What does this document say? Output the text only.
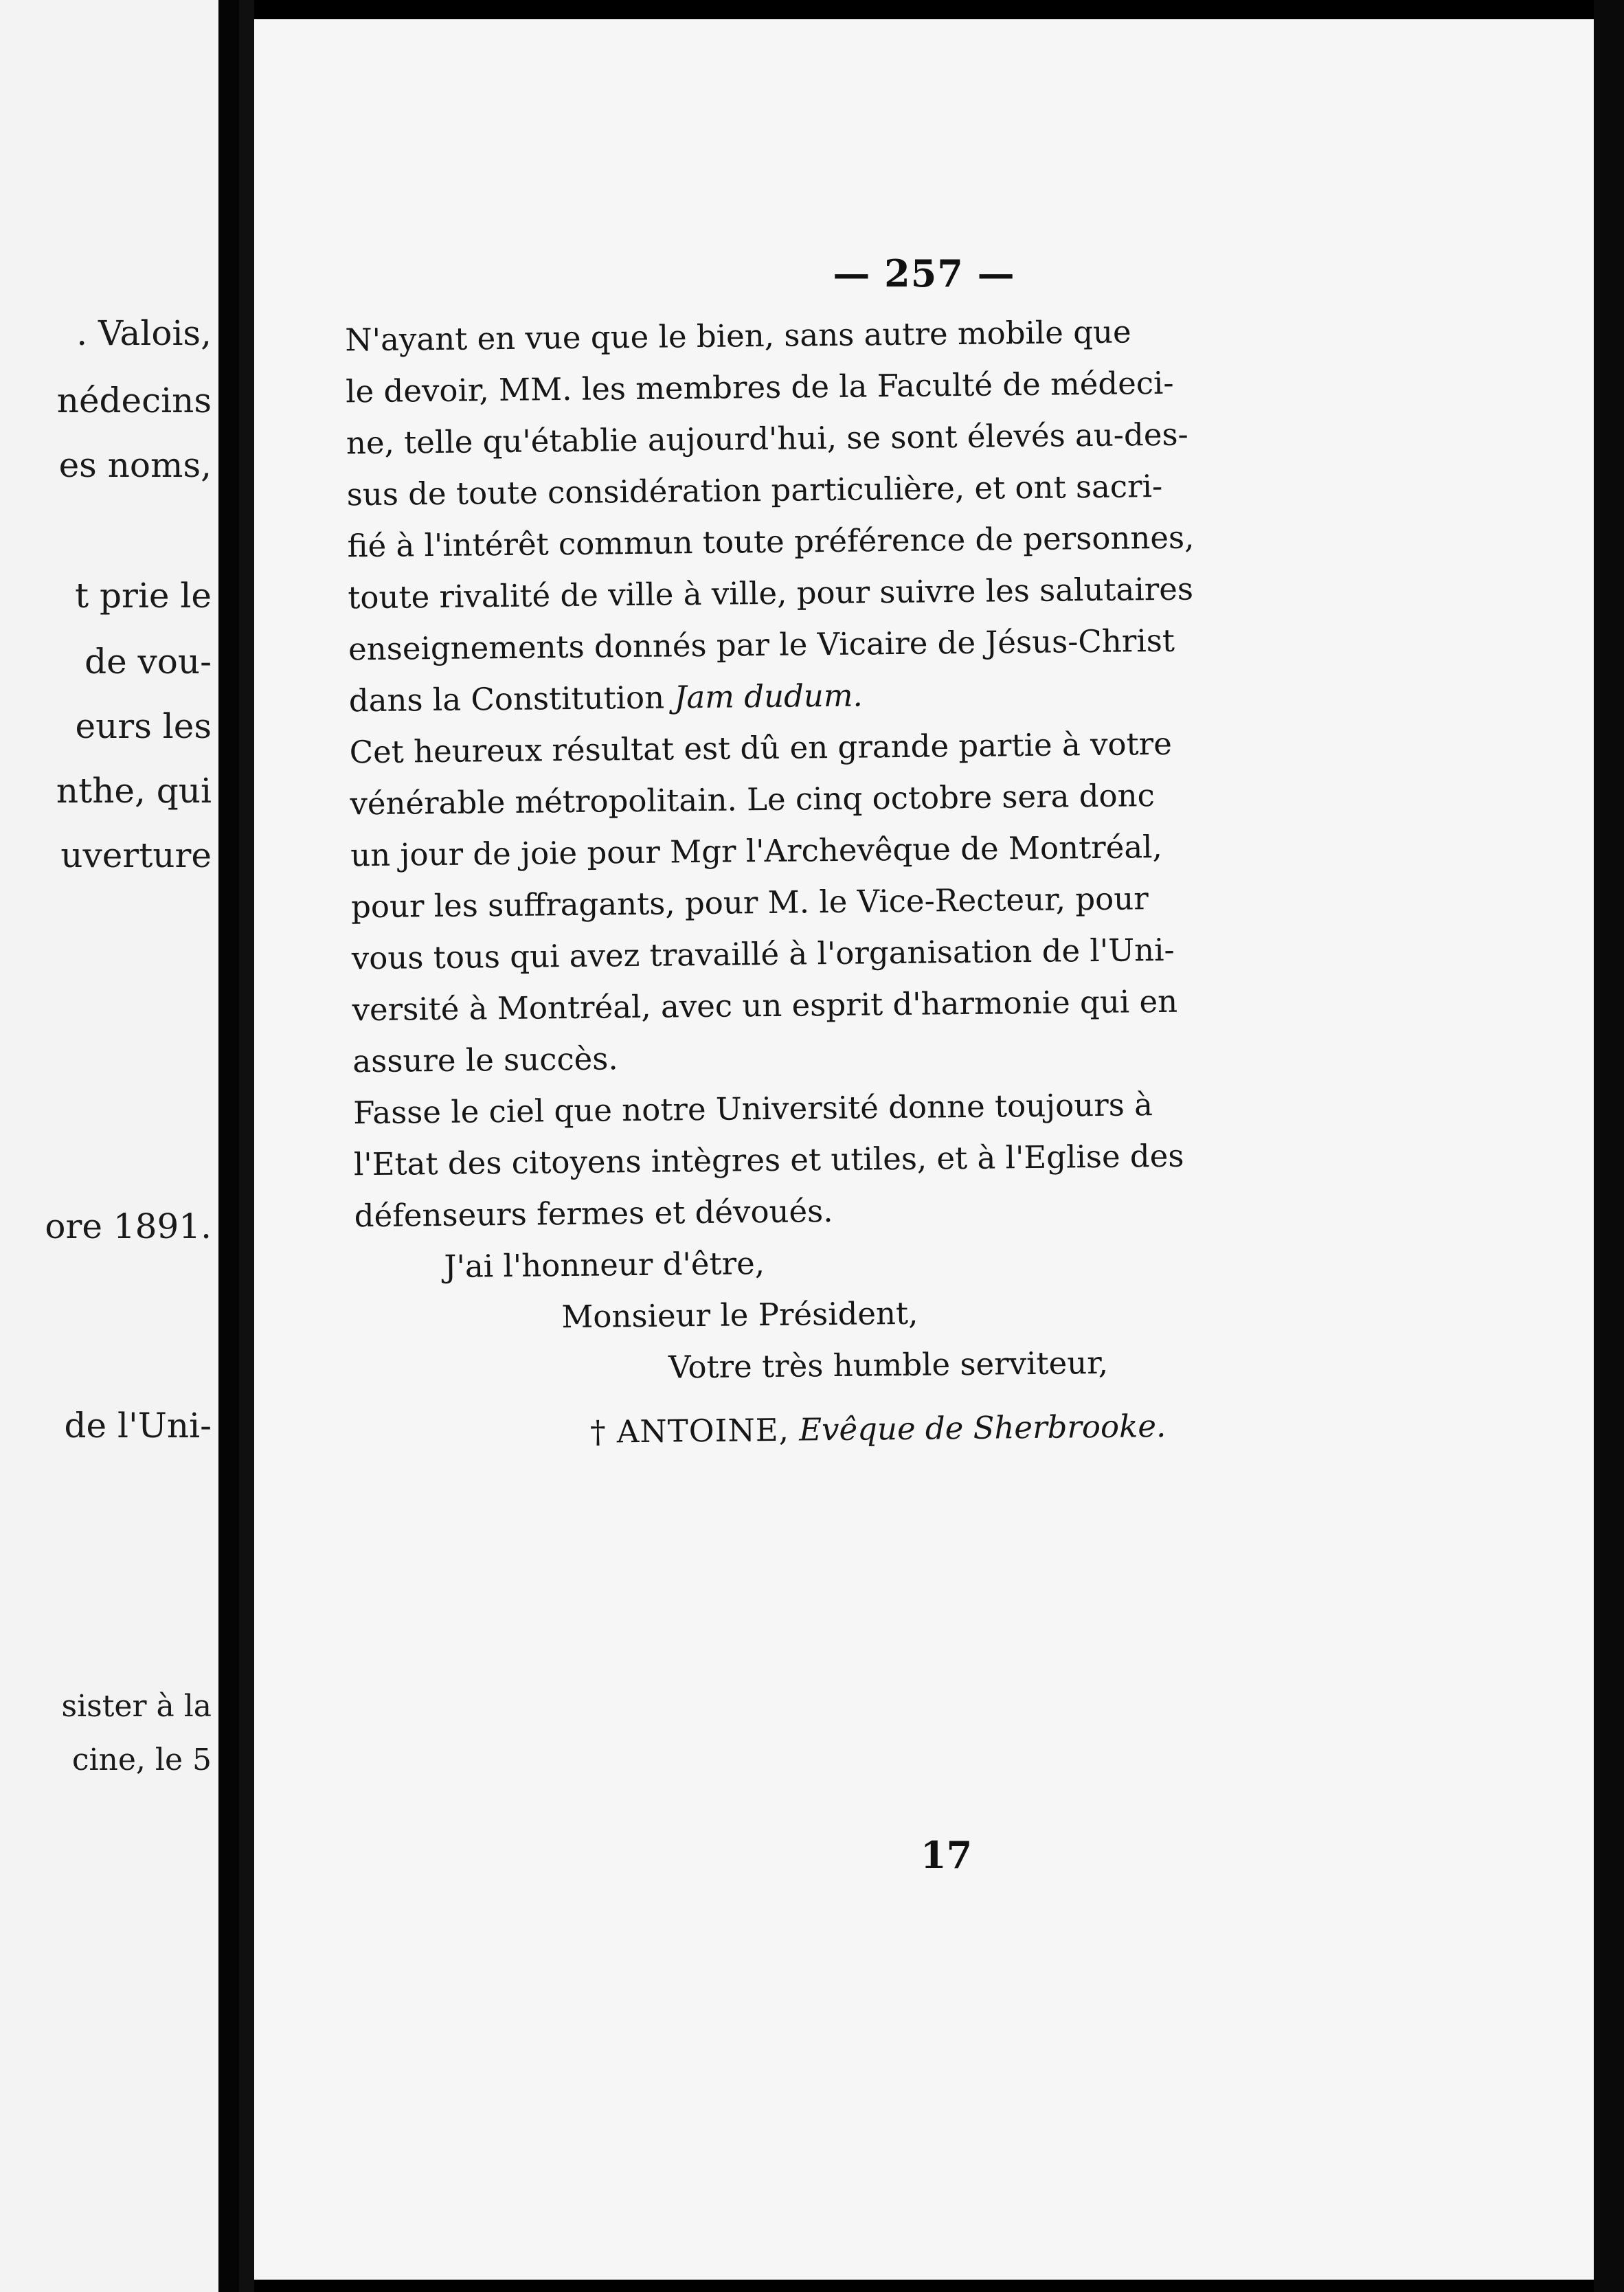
. Valois,
nédecins
es noms,
t prie le
de vou-
eurs les
nthe, qui
uverture
ore 1891.
de l'Uni-
sister à la
cine, le 5
— 257 —

N'ayant en vue que le bien, sans autre mobile que
le devoir, MM. les membres de la Faculté de médeci-
ne, telle qu'établie aujourd'hui, se sont élevés au-des-
sus de toute considération particulière, et ont sacri-
fié à l'intérêt commun toute préférence de personnes,
toute rivalité de ville à ville, pour suivre les salutaires
enseignements donnés par le Vicaire de Jésus-Christ
dans la Constitution Jam dudum.

Cet heureux résultat est dû en grande partie à votre
vénérable métropolitain. Le cinq octobre sera donc
un jour de joie pour Mgr l'Archevêque de Montréal,
pour les suffragants, pour M. le Vice-Recteur, pour
vous tous qui avez travaillé à l'organisation de l'Uni-
versité à Montréal, avec un esprit d'harmonie qui en
assure le succès.

Fasse le ciel que notre Université donne toujours à
l'Etat des citoyens intègres et utiles, et à l'Eglise des
défenseurs fermes et dévoués.

J'ai l'honneur d'être,
Monsieur le Président,
Votre très humble serviteur,
† ANTOINE, Evêque de Sherbrooke.
17
